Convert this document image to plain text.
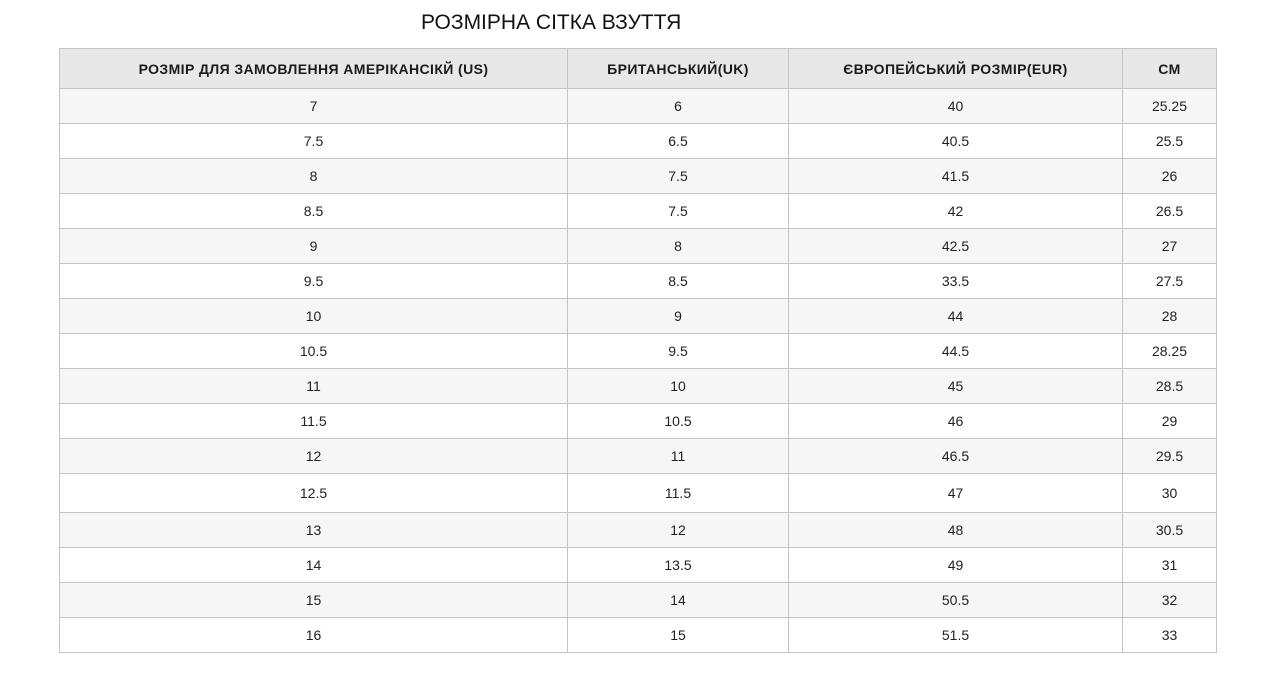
РОЗМІРНА СІТКА ВЗУТТЯ
РОЗМІР ДЛЯ ЗАМОВЛЕННЯ АМЕРІКАНСІКЙ (US)	БРИТАНСЬКИЙ(UK)	ЄВРОПЕЙСЬКИЙ РОЗМІР(EUR)	СМ
7	6	40	25.25
7.5	6.5	40.5	25.5
8	7.5	41.5	26
8.5	7.5	42	26.5
9	8	42.5	27
9.5	8.5	33.5	27.5
10	9	44	28
10.5	9.5	44.5	28.25
11	10	45	28.5
11.5	10.5	46	29
12	11	46.5	29.5
12.5	11.5	47	30
13	12	48	30.5
14	13.5	49	31
15	14	50.5	32
16	15	51.5	33
